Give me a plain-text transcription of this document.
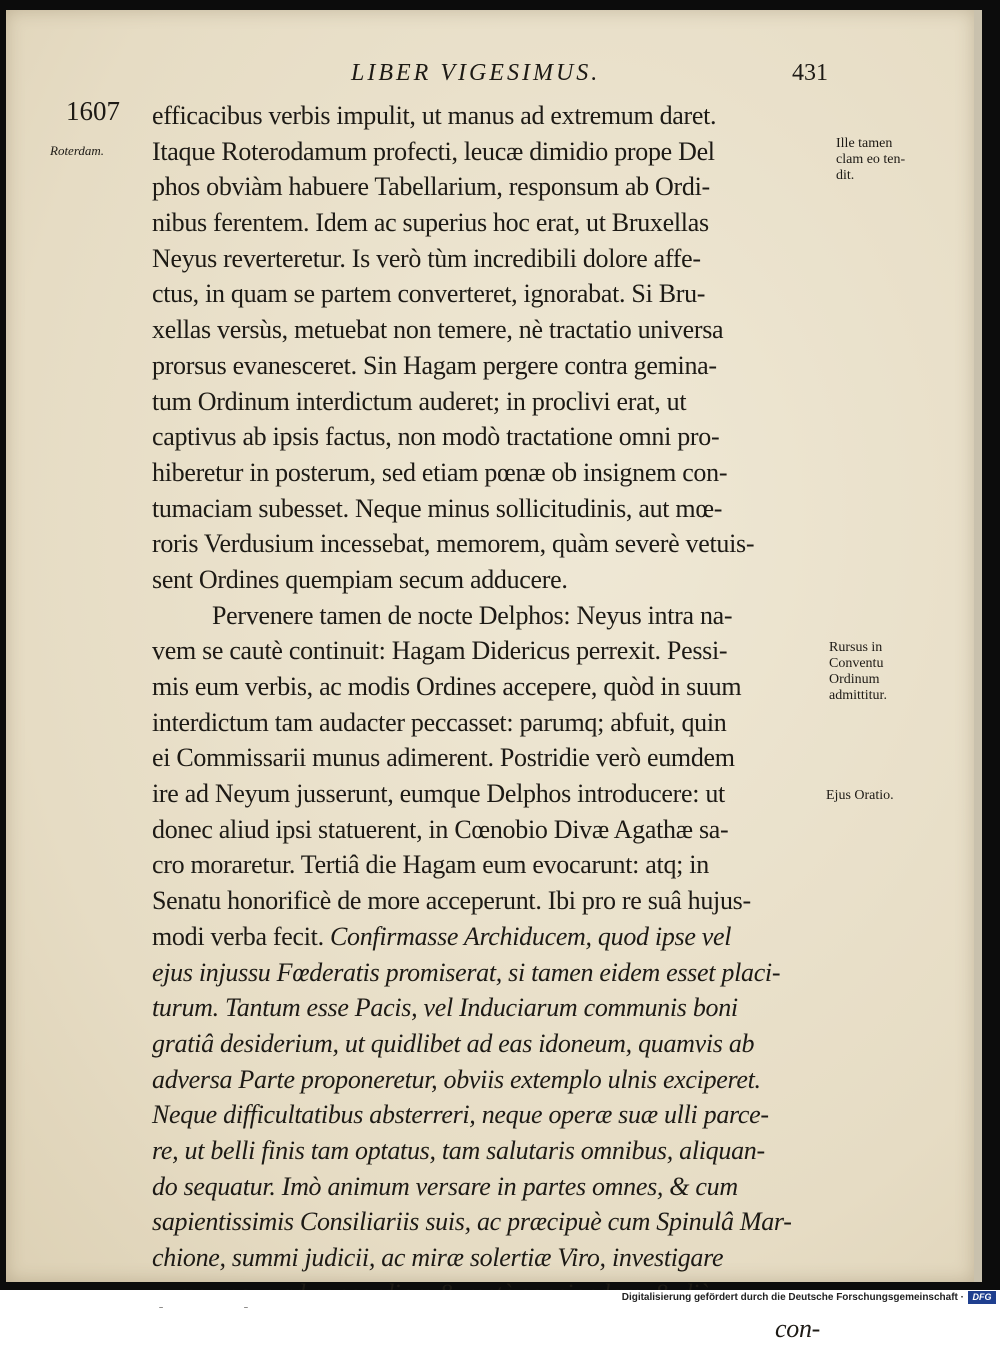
LIBER VIGESIMUS.	431
1607
Roterdam.
efficacibus verbis impulit, ut manus ad extremum daret.
Itaque Roterodamum profecti, leucæ dimidio prope Del
phos obviàm habuere Tabellarium, responsum ab Ordi-
nibus ferentem. Idem ac superius hoc erat, ut Bruxellas
Neyus reverteretur. Is verò tùm incredibili dolore affe-
ctus, in quam se partem converteret, ignorabat. Si Bru-
xellas versùs, metuebat non temere, nè tractatio universa
prorsus evanesceret. Sin Hagam pergere contra gemina-
tum Ordinum interdictum auderet; in proclivi erat, ut
captivus ab ipsis factus, non modò tractatione omni pro-
hiberetur in posterum, sed etiam pœnæ ob insignem con-
tumaciam subesset. Neque minus sollicitudinis, aut mœ-
roris Verdusium incessebat, memorem, quàm severè vetuis-
sent Ordines quempiam secum adducere.
Pervenere tamen de nocte Delphos: Neyus intra na-
vem se cautè continuit: Hagam Didericus perrexit. Pessi-
mis eum verbis, ac modis Ordines accepere, quòd in suum
interdictum tam audacter peccasset: parumq; abfuit, quin
ei Commissarii munus adimerent. Postridie verò eumdem
ire ad Neyum jusserunt, eumque Delphos introducere: ut
donec aliud ipsi statuerent, in Cœnobio Divæ Agathæ sa-
cro moraretur. Tertiâ die Hagam eum evocarunt: atq; in
Senatu honorificè de more acceperunt. Ibi pro re suâ hujus-
modi verba fecit. Confirmasse Archiducem, quod ipse vel
ejus injussu Fœderatis promiserat, si tamen eidem esset placi-
turum. Tantum esse Pacis, vel Induciarum communis boni
gratiâ desiderium, ut quidlibet ad eas idoneum, quamvis ab
adversa Parte proponeretur, obviis extemplo ulnis exciperet.
Neque difficultatibus absterreri, neque operæ suæ ulli parce-
re, ut belli finis tam optatus, tam salutaris omnibus, aliquan-
do sequatur. Imò animum versare in partes omnes, & cum
sapientissimis Consiliariis suis, ac præcipuè cum Spinulâ Mar-
chione, summi judicii, ac miræ solertiæ Viro, investigare
con-
Ille tamen
clam eo ten-
dit.
Rursus in
Conventu
Ordinum
admittitur.
Ejus Oratio.
Digitalisierung gefördert durch die Deutsche Forschungsgemeinschaft · DFG
